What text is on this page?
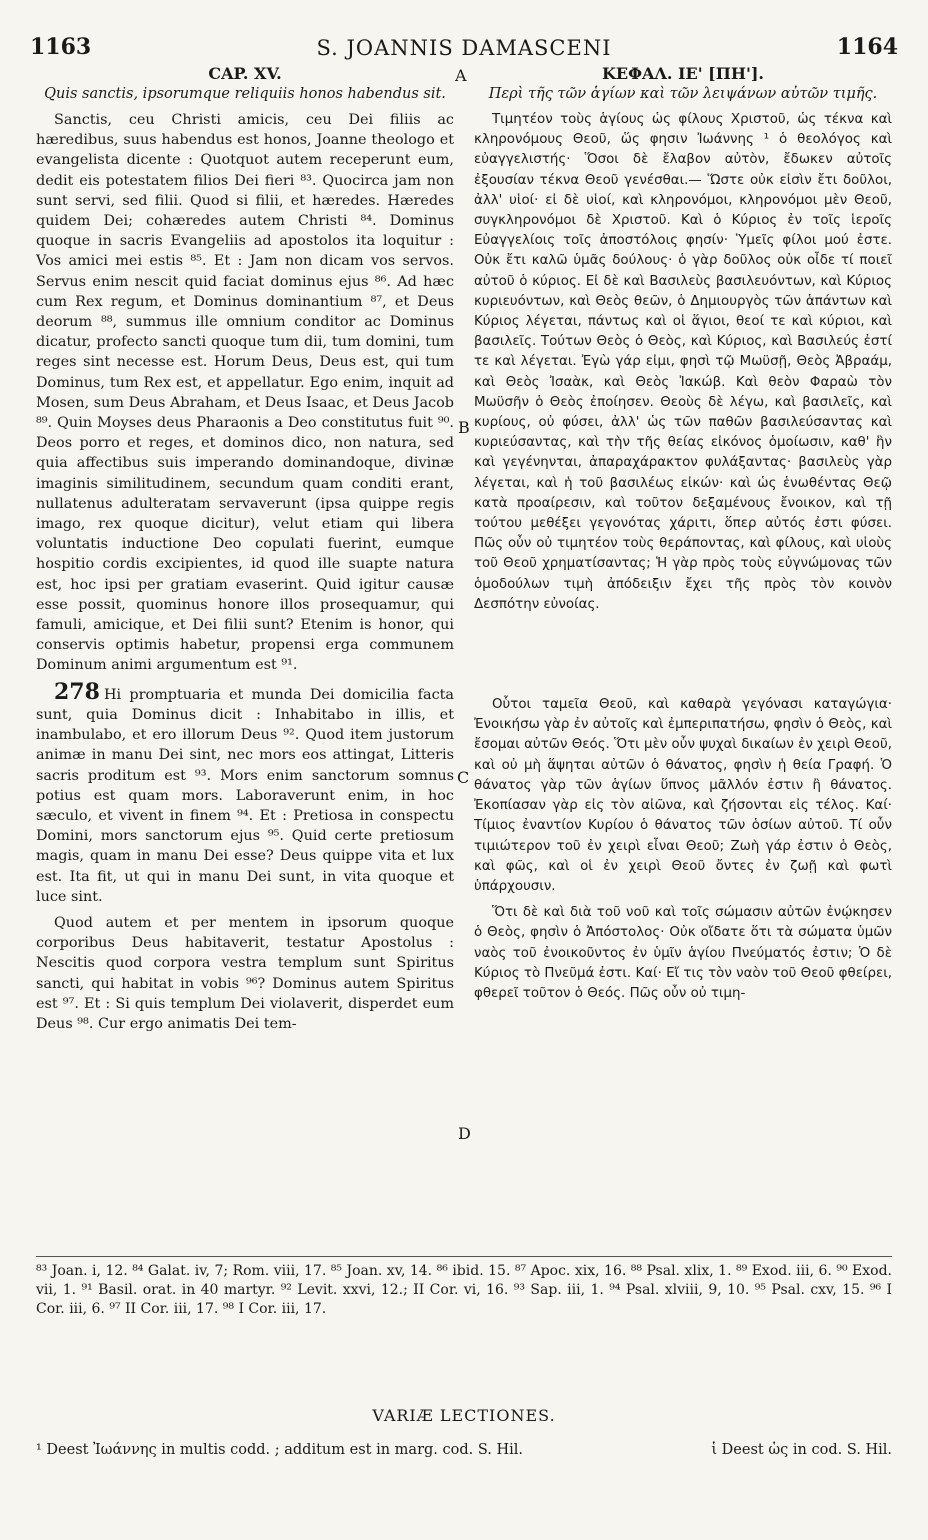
1163	S. JOANNIS DAMASCENI	1164
A
B
C
D
CAP. XV.
Quis sanctis, ipsorumque reliquiis honos habendus sit.

Sanctis, ceu Christi amicis, ceu Dei filiis ac hæredibus, suus habendus est honos, Joanne theologo et evangelista dicente : Quotquot autem receperunt eum, dedit eis potestatem filios Dei fieri ⁸³. Quocirca jam non sunt servi, sed filii. Quod si filii, et hæredes. Hæredes quidem Dei; cohæredes autem Christi ⁸⁴. Dominus quoque in sacris Evangeliis ad apostolos ita loquitur : Vos amici mei estis ⁸⁵. Et : Jam non dicam vos servos. Servus enim nescit quid faciat dominus ejus ⁸⁶. Ad hæc cum Rex regum, et Dominus dominantium ⁸⁷, et Deus deorum ⁸⁸, summus ille omnium conditor ac Dominus dicatur, profecto sancti quoque tum dii, tum domini, tum reges sint necesse est. Horum Deus, Deus est, qui tum Dominus, tum Rex est, et appellatur. Ego enim, inquit ad Mosen, sum Deus Abraham, et Deus Isaac, et Deus Jacob ⁸⁹. Quin Moyses deus Pharaonis a Deo constitutus fuit ⁹⁰. Deos porro et reges, et dominos dico, non natura, sed quia affectibus suis imperando dominandoque, divinæ imaginis similitudinem, secundum quam conditi erant, nullatenus adulteratam servaverunt (ipsa quippe regis imago, rex quoque dicitur), velut etiam qui libera voluntatis inductione Deo copulati fuerint, eumque hospitio cordis excipientes, id quod ille suapte natura est, hoc ipsi per gratiam evaserint. Quid igitur causæ esse possit, quominus honore illos prosequamur, qui famuli, amicique, et Dei filii sunt? Etenim is honor, qui conservis optimis habetur, propensi erga communem Dominum animi argumentum est ⁹¹.

278 Hi promptuaria et munda Dei domicilia facta sunt, quia Dominus dicit : Inhabitabo in illis, et inambulabo, et ero illorum Deus ⁹². Quod item justorum animæ in manu Dei sint, nec mors eos attingat, Litteris sacris proditum est ⁹³. Mors enim sanctorum somnus potius est quam mors. Laboraverunt enim, in hoc sæculo, et vivent in finem ⁹⁴. Et : Pretiosa in conspectu Domini, mors sanctorum ejus ⁹⁵. Quid certe pretiosum magis, quam in manu Dei esse? Deus quippe vita et lux est. Ita fit, ut qui in manu Dei sunt, in vita quoque et luce sint.

Quod autem et per mentem in ipsorum quoque corporibus Deus habitaverit, testatur Apostolus : Nescitis quod corpora vestra templum sunt Spiritus sancti, qui habitat in vobis ⁹⁶? Dominus autem Spiritus est ⁹⁷. Et : Si quis templum Dei violaverit, disperdet eum Deus ⁹⁸. Cur ergo animatis Dei tem-

ΚΕΦΑΛ. ΙΕ' [ΠΗ'].
Περὶ τῆς τῶν ἁγίων καὶ τῶν λειψάνων αὐτῶν τιμῆς.

Τιμητέον τοὺς ἁγίους ὡς φίλους Χριστοῦ, ὡς τέκνα καὶ κληρονόμους Θεοῦ, ὥς φησιν Ἰωάννης ¹ ὁ θεολόγος καὶ εὐαγγελιστής· Ὅσοι δὲ ἔλαβον αὐτὸν, ἔδωκεν αὐτοῖς ἐξουσίαν τέκνα Θεοῦ γενέσθαι.— Ὥστε οὐκ εἰσὶν ἔτι δοῦλοι, ἀλλ' υἱοί· εἰ δὲ υἱοί, καὶ κληρονόμοι, κληρονόμοι μὲν Θεοῦ, συγκληρονόμοι δὲ Χριστοῦ. Καὶ ὁ Κύριος ἐν τοῖς ἱεροῖς Εὐαγγελίοις τοῖς ἀποστόλοις φησίν· Ὑμεῖς φίλοι μού ἐστε. Οὐκ ἔτι καλῶ ὑμᾶς δούλους· ὁ γὰρ δοῦλος οὐκ οἶδε τί ποιεῖ αὐτοῦ ὁ κύριος. Εἰ δὲ καὶ Βασιλεὺς βασιλευόντων, καὶ Κύριος κυριευόντων, καὶ Θεὸς θεῶν, ὁ Δημιουργὸς τῶν ἁπάντων καὶ Κύριος λέγεται, πάντως καὶ οἱ ἅγιοι, θεοί τε καὶ κύριοι, καὶ βασιλεῖς. Τούτων Θεὸς ὁ Θεὸς, καὶ Κύριος, καὶ Βασιλεύς ἐστί τε καὶ λέγεται. Ἐγὼ γάρ εἰμι, φησὶ τῷ Μωϋσῇ, Θεὸς Ἀβραάμ, καὶ Θεὸς Ἰσαὰκ, καὶ Θεὸς Ἰακώβ. Καὶ θεὸν Φαραὼ τὸν Μωϋσῆν ὁ Θεὸς ἐποίησεν. Θεοὺς δὲ λέγω, καὶ βασιλεῖς, καὶ κυρίους, οὐ φύσει, ἀλλ' ὡς τῶν παθῶν βασιλεύσαντας καὶ κυριεύσαντας, καὶ τὴν τῆς θείας εἰκόνος ὁμοίωσιν, καθ' ἣν καὶ γεγένηνται, ἀπαραχάρακτον φυλάξαντας· βασιλεὺς γὰρ λέγεται, καὶ ἡ τοῦ βασιλέως εἰκών· καὶ ὡς ἑνωθέντας Θεῷ κατὰ προαίρεσιν, καὶ τοῦτον δεξαμένους ἔνοικον, καὶ τῇ τούτου μεθέξει γεγονότας χάριτι, ὅπερ αὐτός ἐστι φύσει. Πῶς οὖν οὐ τιμητέον τοὺς θεράποντας, καὶ φίλους, καὶ υἱοὺς τοῦ Θεοῦ χρηματίσαντας; Ἡ γὰρ πρὸς τοὺς εὐγνώμονας τῶν ὁμοδούλων τιμὴ ἀπόδειξιν ἔχει τῆς πρὸς τὸν κοινὸν Δεσπότην εὐνοίας.

Οὗτοι ταμεῖα Θεοῦ, καὶ καθαρὰ γεγόνασι καταγώγια· Ἐνοικήσω γὰρ ἐν αὐτοῖς καὶ ἐμπεριπατήσω, φησὶν ὁ Θεὸς, καὶ ἔσομαι αὐτῶν Θεός. Ὅτι μὲν οὖν ψυχαὶ δικαίων ἐν χειρὶ Θεοῦ, καὶ οὐ μὴ ἅψηται αὐτῶν ὁ θάνατος, φησὶν ἡ θεία Γραφή. Ὁ θάνατος γὰρ τῶν ἁγίων ὕπνος μᾶλλόν ἐστιν ἢ θάνατος. Ἐκοπίασαν γὰρ εἰς τὸν αἰῶνα, καὶ ζήσονται εἰς τέλος. Καί· Τίμιος ἐναντίον Κυρίου ὁ θάνατος τῶν ὁσίων αὐτοῦ. Τί οὖν τιμιώτερον τοῦ ἐν χειρὶ εἶναι Θεοῦ; Ζωὴ γάρ ἐστιν ὁ Θεὸς, καὶ φῶς, καὶ οἱ ἐν χειρὶ Θεοῦ ὄντες ἐν ζωῇ καὶ φωτὶ ὑπάρχουσιν.

Ὅτι δὲ καὶ διὰ τοῦ νοῦ καὶ τοῖς σώμασιν αὐτῶν ἐνῴκησεν ὁ Θεὸς, φησὶν ὁ Ἀπόστολος· Οὐκ οἴδατε ὅτι τὰ σώματα ὑμῶν ναὸς τοῦ ἐνοικοῦντος ἐν ὑμῖν ἁγίου Πνεύματός ἐστιν; Ὁ δὲ Κύριος τὸ Πνεῦμά ἐστι. Καί· Εἴ τις τὸν ναὸν τοῦ Θεοῦ φθείρει, φθερεῖ τοῦτον ὁ Θεός. Πῶς οὖν οὐ τιμη-

⁸³ Joan. i, 12. ⁸⁴ Galat. iv, 7; Rom. viii, 17. ⁸⁵ Joan. xv, 14. ⁸⁶ ibid. 15. ⁸⁷ Apoc. xix, 16. ⁸⁸ Psal. xlix, 1. ⁸⁹ Exod. iii, 6. ⁹⁰ Exod. vii, 1. ⁹¹ Basil. orat. in 40 martyr. ⁹² Levit. xxvi, 12.; II Cor. vi, 16. ⁹³ Sap. iii, 1. ⁹⁴ Psal. xlviii, 9, 10. ⁹⁵ Psal. cxv, 15. ⁹⁶ I Cor. iii, 6. ⁹⁷ II Cor. iii, 17. ⁹⁸ I Cor. iii, 17.
VARIÆ LECTIONES.
¹ Deest Ἰωάννης in multis codd. ; additum est in marg. cod. S. Hil.	ἱ Deest ὡς in cod. S. Hil.
